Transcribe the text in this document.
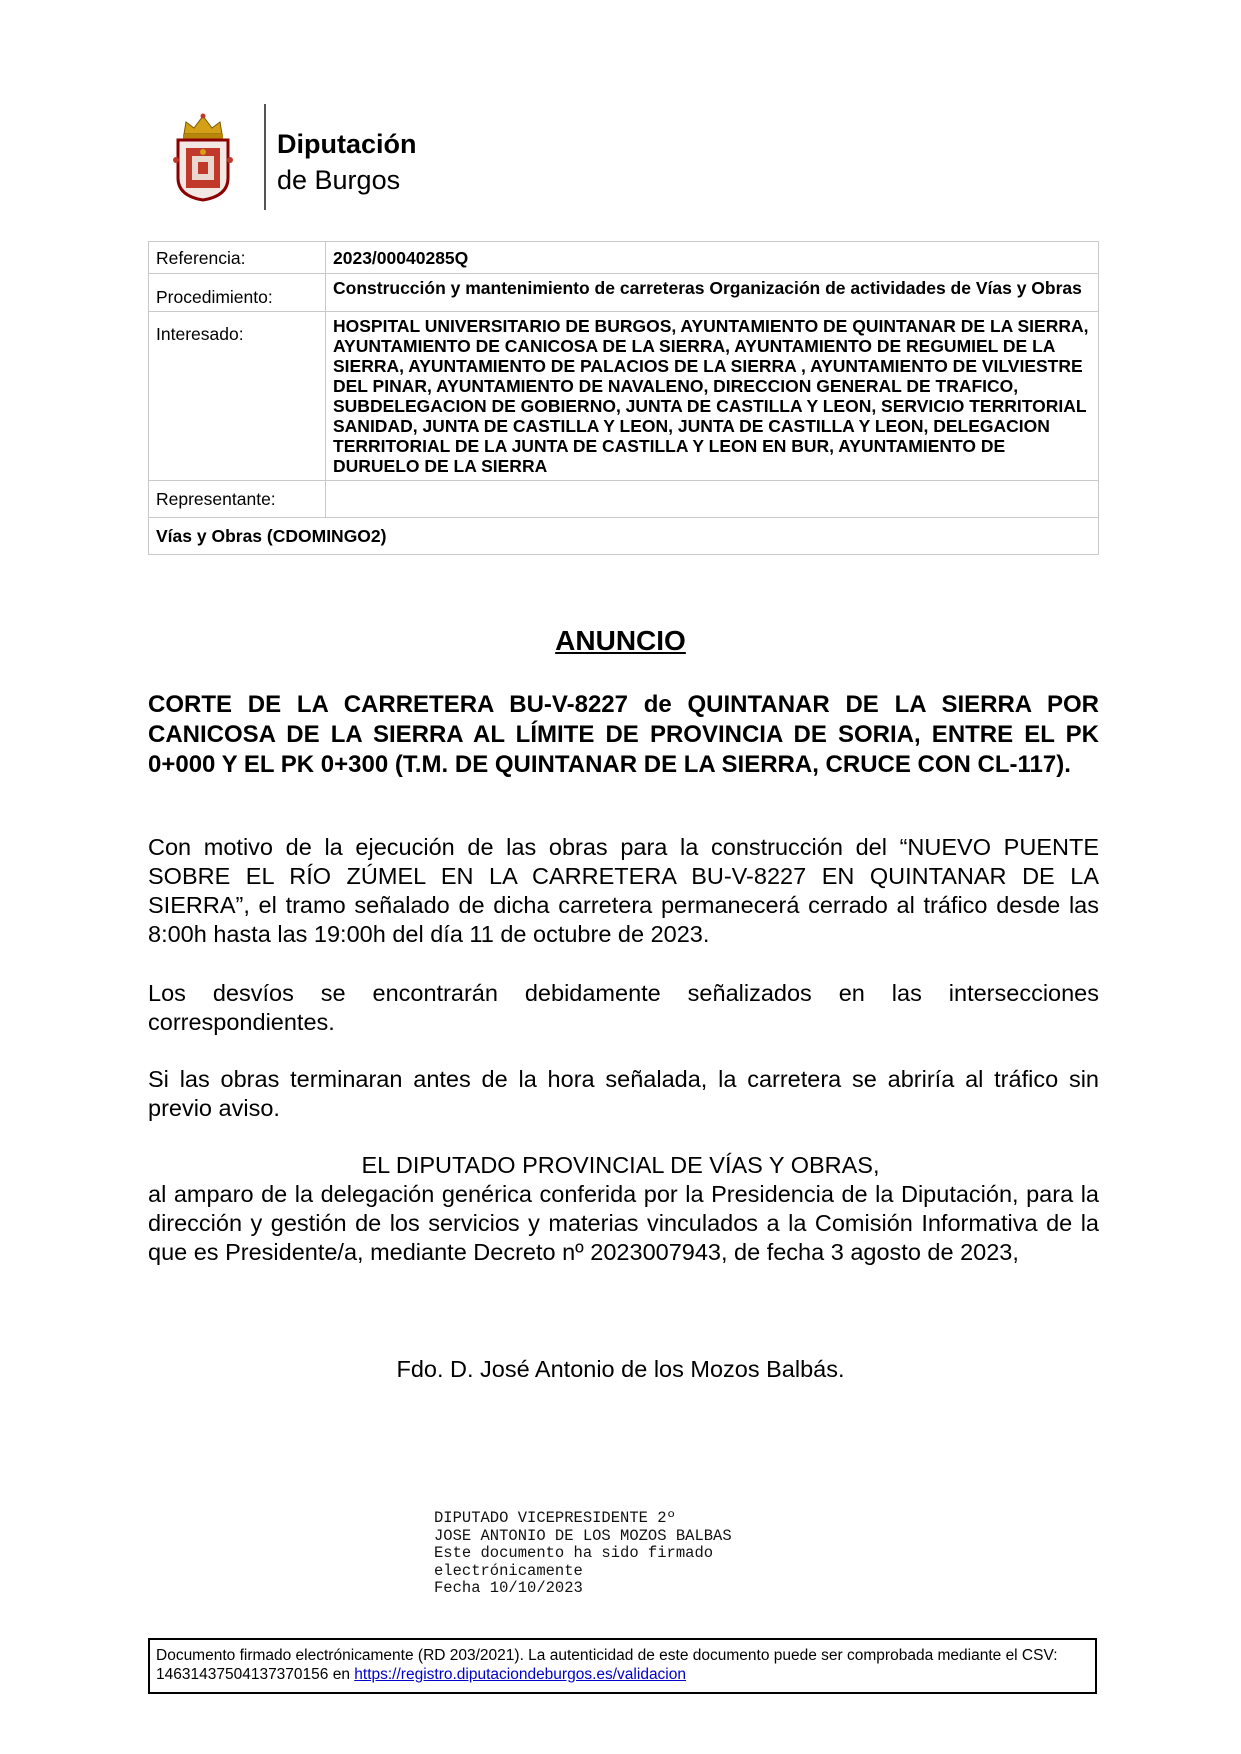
Diputación
de Burgos
Referencia:	2023/00040285Q
Procedimiento:	Construcción y mantenimiento de carreteras Organización de actividades de Vías y Obras
Interesado:	HOSPITAL UNIVERSITARIO DE BURGOS, AYUNTAMIENTO DE QUINTANAR DE LA SIERRA, AYUNTAMIENTO DE CANICOSA DE LA SIERRA, AYUNTAMIENTO DE REGUMIEL DE LA SIERRA, AYUNTAMIENTO DE PALACIOS DE LA SIERRA , AYUNTAMIENTO DE VILVIESTRE DEL PINAR, AYUNTAMIENTO DE NAVALENO, DIRECCION GENERAL DE TRAFICO, SUBDELEGACION DE GOBIERNO, JUNTA DE CASTILLA Y LEON, SERVICIO TERRITORIAL SANIDAD, JUNTA DE CASTILLA Y LEON, JUNTA DE CASTILLA Y LEON, DELEGACION TERRITORIAL DE LA JUNTA DE CASTILLA Y LEON EN BUR, AYUNTAMIENTO DE DURUELO DE LA SIERRA
Representante:	
Vías y Obras (CDOMINGO2)	
ANUNCIO

CORTE DE LA CARRETERA BU-V-8227 de QUINTANAR DE LA SIERRA POR CANICOSA DE LA SIERRA AL LÍMITE DE PROVINCIA DE SORIA, ENTRE EL PK 0+000 Y EL PK 0+300 (T.M. DE QUINTANAR DE LA SIERRA, CRUCE CON CL-117).

Con motivo de la ejecución de las obras para la construcción del “NUEVO PUENTE SOBRE EL RÍO ZÚMEL EN LA CARRETERA BU-V-8227 EN QUINTANAR DE LA SIERRA”, el tramo señalado de dicha carretera permanecerá cerrado al tráfico desde las 8:00h hasta las 19:00h del día 11 de octubre de 2023.

Los desvíos se encontrarán debidamente señalizados en las intersecciones correspondientes.

Si las obras terminaran antes de la hora señalada, la carretera se abriría al tráfico sin previo aviso.

EL DIPUTADO PROVINCIAL DE VÍAS Y OBRAS,

al amparo de la delegación genérica conferida por la Presidencia de la Diputación, para la dirección y gestión de los servicios y materias vinculados a la Comisión Informativa de la que es Presidente/a, mediante Decreto nº 2023007943, de fecha 3 agosto de 2023,

Fdo. D. José Antonio de los Mozos Balbás.
DIPUTADO VICEPRESIDENTE 2º
JOSE ANTONIO DE LOS MOZOS BALBAS
Este documento ha sido firmado
electrónicamente
Fecha 10/10/2023
Documento firmado electrónicamente (RD 203/2021). La autenticidad de este documento puede ser comprobada mediante el CSV: 14631437504137370156 en https://registro.diputaciondeburgos.es/validacion
